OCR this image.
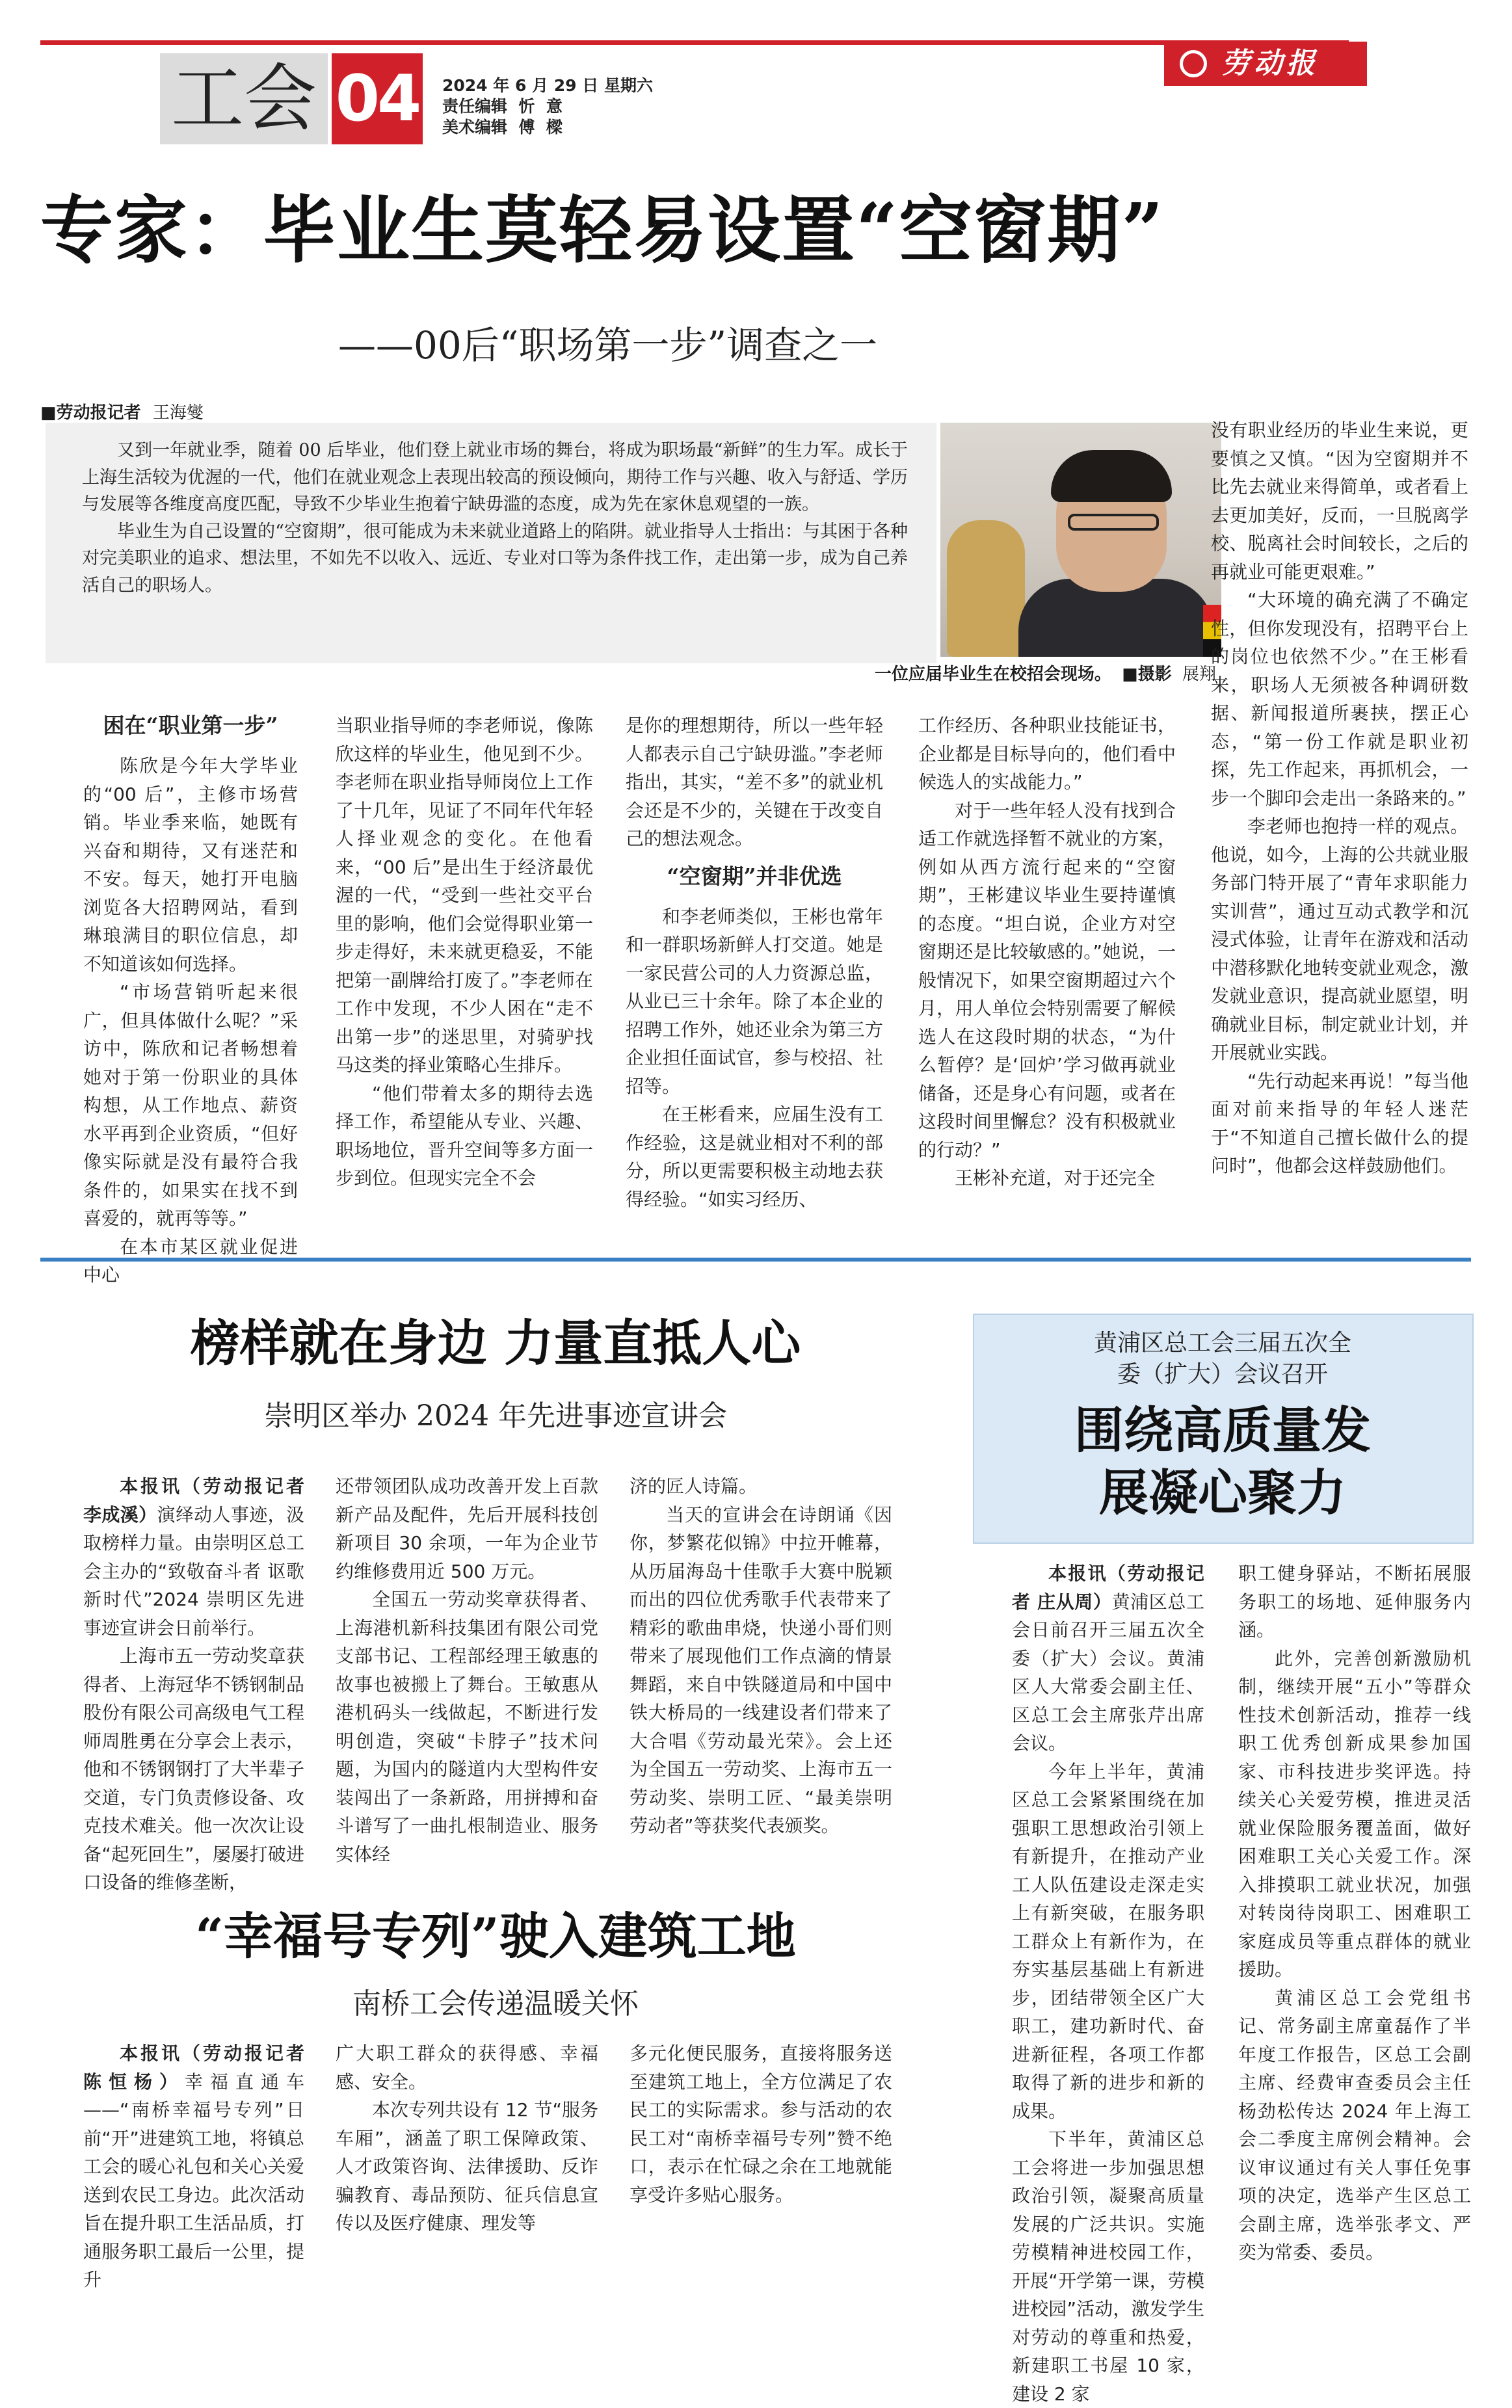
工会 04 2024 年 6 月 29 日 星期六
责任编辑  忻  意
美术编辑  傅  樑
劳动报
专家：毕业生莫轻易设置“空窗期”
——00后“职场第一步”调查之一
■劳动报记者 王海燮

又到一年就业季，随着 00 后毕业，他们登上就业市场的舞台，将成为职场最“新鲜”的生力军。成长于上海生活较为优渥的一代，他们在就业观念上表现出较高的预设倾向，期待工作与兴趣、收入与舒适、学历与发展等各维度高度匹配，导致不少毕业生抱着宁缺毋滥的态度，成为先在家休息观望的一族。

毕业生为自己设置的“空窗期”，很可能成为未来就业道路上的陷阱。就业指导人士指出：与其困于各种对完美职业的追求、想法里，不如先不以收入、远近、专业对口等为条件找工作，走出第一步，成为自己养活自己的职场人。

一位应届毕业生在校招会现场。 ■摄影 展翔
困在“职业第一步”

陈欣是今年大学毕业的“00 后”，主修市场营销。毕业季来临，她既有兴奋和期待，又有迷茫和不安。每天，她打开电脑浏览各大招聘网站，看到琳琅满目的职位信息，却不知道该如何选择。

“市场营销听起来很广，但具体做什么呢？”采访中，陈欣和记者畅想着她对于第一份职业的具体构想，从工作地点、薪资水平再到企业资质，“但好像实际就是没有最符合我条件的，如果实在找不到喜爱的，就再等等。”

在本市某区就业促进中心

当职业指导师的李老师说，像陈欣这样的毕业生，他见到不少。李老师在职业指导师岗位上工作了十几年，见证了不同年代年轻人择业观念的变化。在他看来，“00 后”是出生于经济最优渥的一代，“受到一些社交平台里的影响，他们会觉得职业第一步走得好，未来就更稳妥，不能把第一副牌给打废了。”李老师在工作中发现，不少人困在“走不出第一步”的迷思里，对骑驴找马这类的择业策略心生排斥。

“他们带着太多的期待去选择工作，希望能从专业、兴趣、职场地位，晋升空间等多方面一步到位。但现实完全不会

是你的理想期待，所以一些年轻人都表示自己宁缺毋滥。”李老师指出，其实，“差不多”的就业机会还是不少的，关键在于改变自己的想法观念。

“空窗期”并非优选

和李老师类似，王彬也常年和一群职场新鲜人打交道。她是一家民营公司的人力资源总监，从业已三十余年。除了本企业的招聘工作外，她还业余为第三方企业担任面试官，参与校招、社招等。

在王彬看来，应届生没有工作经验，这是就业相对不利的部分，所以更需要积极主动地去获得经验。“如实习经历、

工作经历、各种职业技能证书，企业都是目标导向的，他们看中候选人的实战能力。”

对于一些年轻人没有找到合适工作就选择暂不就业的方案，例如从西方流行起来的“空窗期”，王彬建议毕业生要持谨慎的态度。“坦白说，企业方对空窗期还是比较敏感的。”她说，一般情况下，如果空窗期超过六个月，用人单位会特别需要了解候选人在这段时期的状态，“为什么暂停？是‘回炉’学习做再就业储备，还是身心有问题，或者在这段时间里懈怠？没有积极就业的行动？”

王彬补充道，对于还完全

没有职业经历的毕业生来说，更要慎之又慎。“因为空窗期并不比先去就业来得简单，或者看上去更加美好，反而，一旦脱离学校、脱离社会时间较长，之后的再就业可能更艰难。”

“大环境的确充满了不确定性，但你发现没有，招聘平台上的岗位也依然不少。”在王彬看来，职场人无须被各种调研数据、新闻报道所裹挟，摆正心态，“第一份工作就是职业初探，先工作起来，再抓机会，一步一个脚印会走出一条路来的。”

李老师也抱持一样的观点。他说，如今，上海的公共就业服务部门特开展了“青年求职能力实训营”，通过互动式教学和沉浸式体验，让青年在游戏和活动中潜移默化地转变就业观念，激发就业意识，提高就业愿望，明确就业目标，制定就业计划，并开展就业实践。

“先行动起来再说！”每当他面对前来指导的年轻人迷茫于“不知道自己擅长做什么的提问时”，他都会这样鼓励他们。

榜样就在身边 力量直抵人心
崇明区举办 2024 年先进事迹宣讲会

本报讯（劳动报记者 李成溪）演绎动人事迹，汲取榜样力量。由崇明区总工会主办的“致敬奋斗者 讴歌新时代”2024 崇明区先进事迹宣讲会日前举行。

上海市五一劳动奖章获得者、上海冠华不锈钢制品股份有限公司高级电气工程师周胜勇在分享会上表示，他和不锈钢钢打了大半辈子交道，专门负责修设备、攻克技术难关。他一次次让设备“起死回生”，屡屡打破进口设备的维修垄断，

还带领团队成功改善开发上百款新产品及配件，先后开展科技创新项目 30 余项，一年为企业节约维修费用近 500 万元。

全国五一劳动奖章获得者、上海港机新科技集团有限公司党支部书记、工程部经理王敏惠的故事也被搬上了舞台。王敏惠从港机码头一线做起，不断进行发明创造，突破“卡脖子”技术问题，为国内的隧道内大型构件安装闯出了一条新路，用拼搏和奋斗谱写了一曲扎根制造业、服务实体经

济的匠人诗篇。

当天的宣讲会在诗朗诵《因你，梦繁花似锦》中拉开帷幕，从历届海岛十佳歌手大赛中脱颖而出的四位优秀歌手代表带来了精彩的歌曲串烧，快递小哥们则带来了展现他们工作点滴的情景舞蹈，来自中铁隧道局和中国中铁大桥局的一线建设者们带来了大合唱《劳动最光荣》。会上还为全国五一劳动奖、上海市五一劳动奖、崇明工匠、“最美崇明劳动者”等获奖代表颁奖。

“幸福号专列”驶入建筑工地
南桥工会传递温暖关怀

本报讯（劳动报记者 陈恒杨）幸福直通车——“南桥幸福号专列”日前“开”进建筑工地，将镇总工会的暖心礼包和关心关爱送到农民工身边。此次活动旨在提升职工生活品质，打通服务职工最后一公里，提升

广大职工群众的获得感、幸福感、安全。

本次专列共设有 12 节“服务车厢”，涵盖了职工保障政策、人才政策咨询、法律援助、反诈骗教育、毒品预防、征兵信息宣传以及医疗健康、理发等

多元化便民服务，直接将服务送至建筑工地上，全方位满足了农民工的实际需求。参与活动的农民工对“南桥幸福号专列”赞不绝口，表示在忙碌之余在工地就能享受许多贴心服务。

黄浦区总工会三届五次全委（扩大）会议召开
围绕高质量发展凝心聚力

本报讯（劳动报记者 庄从周）黄浦区总工会日前召开三届五次全委（扩大）会议。黄浦区人大常委会副主任、区总工会主席张芹出席会议。

今年上半年，黄浦区总工会紧紧围绕在加强职工思想政治引领上有新提升，在推动产业工人队伍建设走深走实上有新突破，在服务职工群众上有新作为，在夯实基层基础上有新进步，团结带领全区广大职工，建功新时代、奋进新征程，各项工作都取得了新的进步和新的成果。

下半年，黄浦区总工会将进一步加强思想政治引领，凝聚高质量发展的广泛共识。实施劳模精神进校园工作，开展“开学第一课，劳模进校园”活动，激发学生对劳动的尊重和热爱，新建职工书屋 10 家，建设 2 家

职工健身驿站，不断拓展服务职工的场地、延伸服务内涵。

此外，完善创新激励机制，继续开展“五小”等群众性技术创新活动，推荐一线职工优秀创新成果参加国家、市科技进步奖评选。持续关心关爱劳模，推进灵活就业保险服务覆盖面，做好困难职工关心关爱工作。深入排摸职工就业状况，加强对转岗待岗职工、困难职工家庭成员等重点群体的就业援助。

黄浦区总工会党组书记、常务副主席童磊作了半年度工作报告，区总工会副主席、经费审查委员会主任杨劲松传达 2024 年上海工会二季度主席例会精神。会议审议通过有关人事任免事项的决定，选举产生区总工会副主席，选举张孝文、严奕为常委、委员。
